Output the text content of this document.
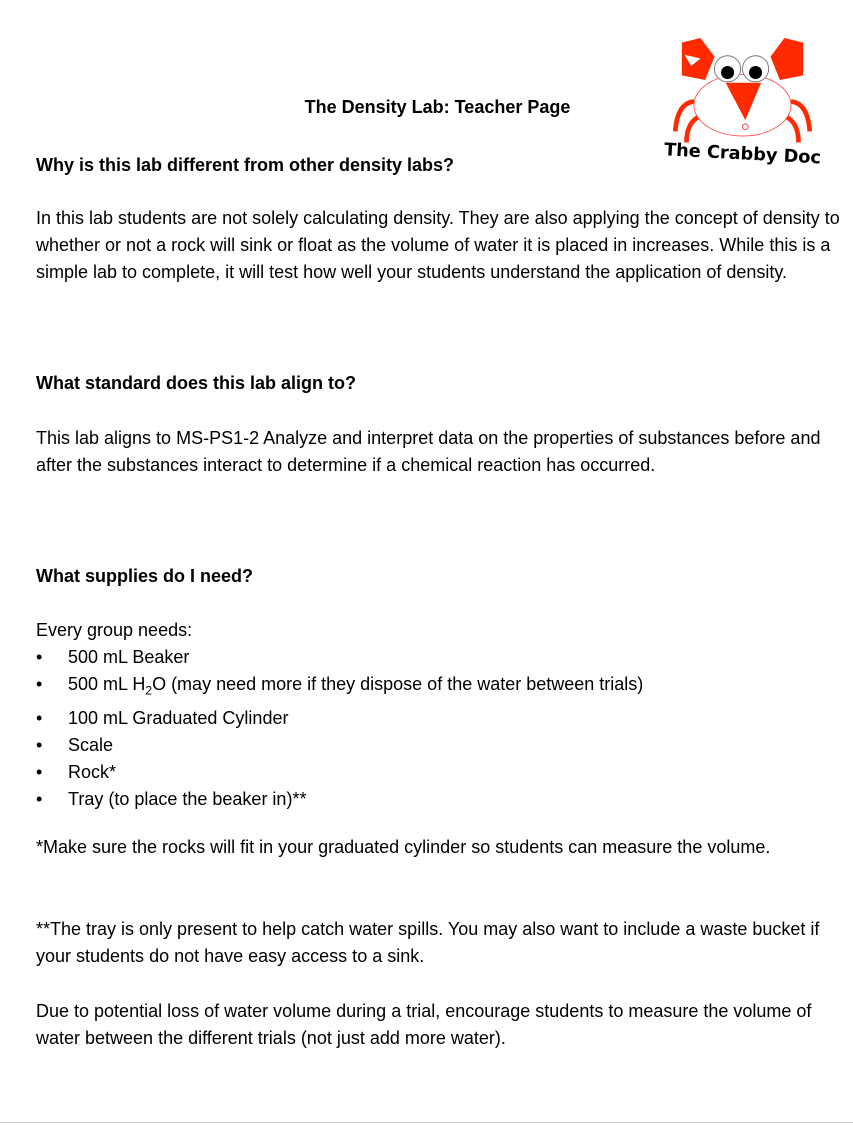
The Crabby Doc
The Density Lab: Teacher Page
Why is this lab different from other density labs?
In this lab students are not solely calculating density. They are also applying the concept of density to whether or not a rock will sink or float as the volume of water it is placed in increases. While this is a simple lab to complete, it will test how well your students understand the application of density.
What standard does this lab align to?
This lab aligns to MS-PS1-2 Analyze and interpret data on the properties of substances before and after the substances interact to determine if a chemical reaction has occurred.
What supplies do I need?
Every group needs:
• 500 mL Beaker
• 500 mL $H_2O$ (may need more if they dispose of the water between trials)
• 100 mL Graduated Cylinder
• Scale
• Rock*
• Tray (to place the beaker in)**
*Make sure the rocks will fit in your graduated cylinder so students can measure the volume.
**The tray is only present to help catch water spills. You may also want to include a waste bucket if your students do not have easy access to a sink.
Due to potential loss of water volume during a trial, encourage students to measure the volume of water between the different trials (not just add more water).
